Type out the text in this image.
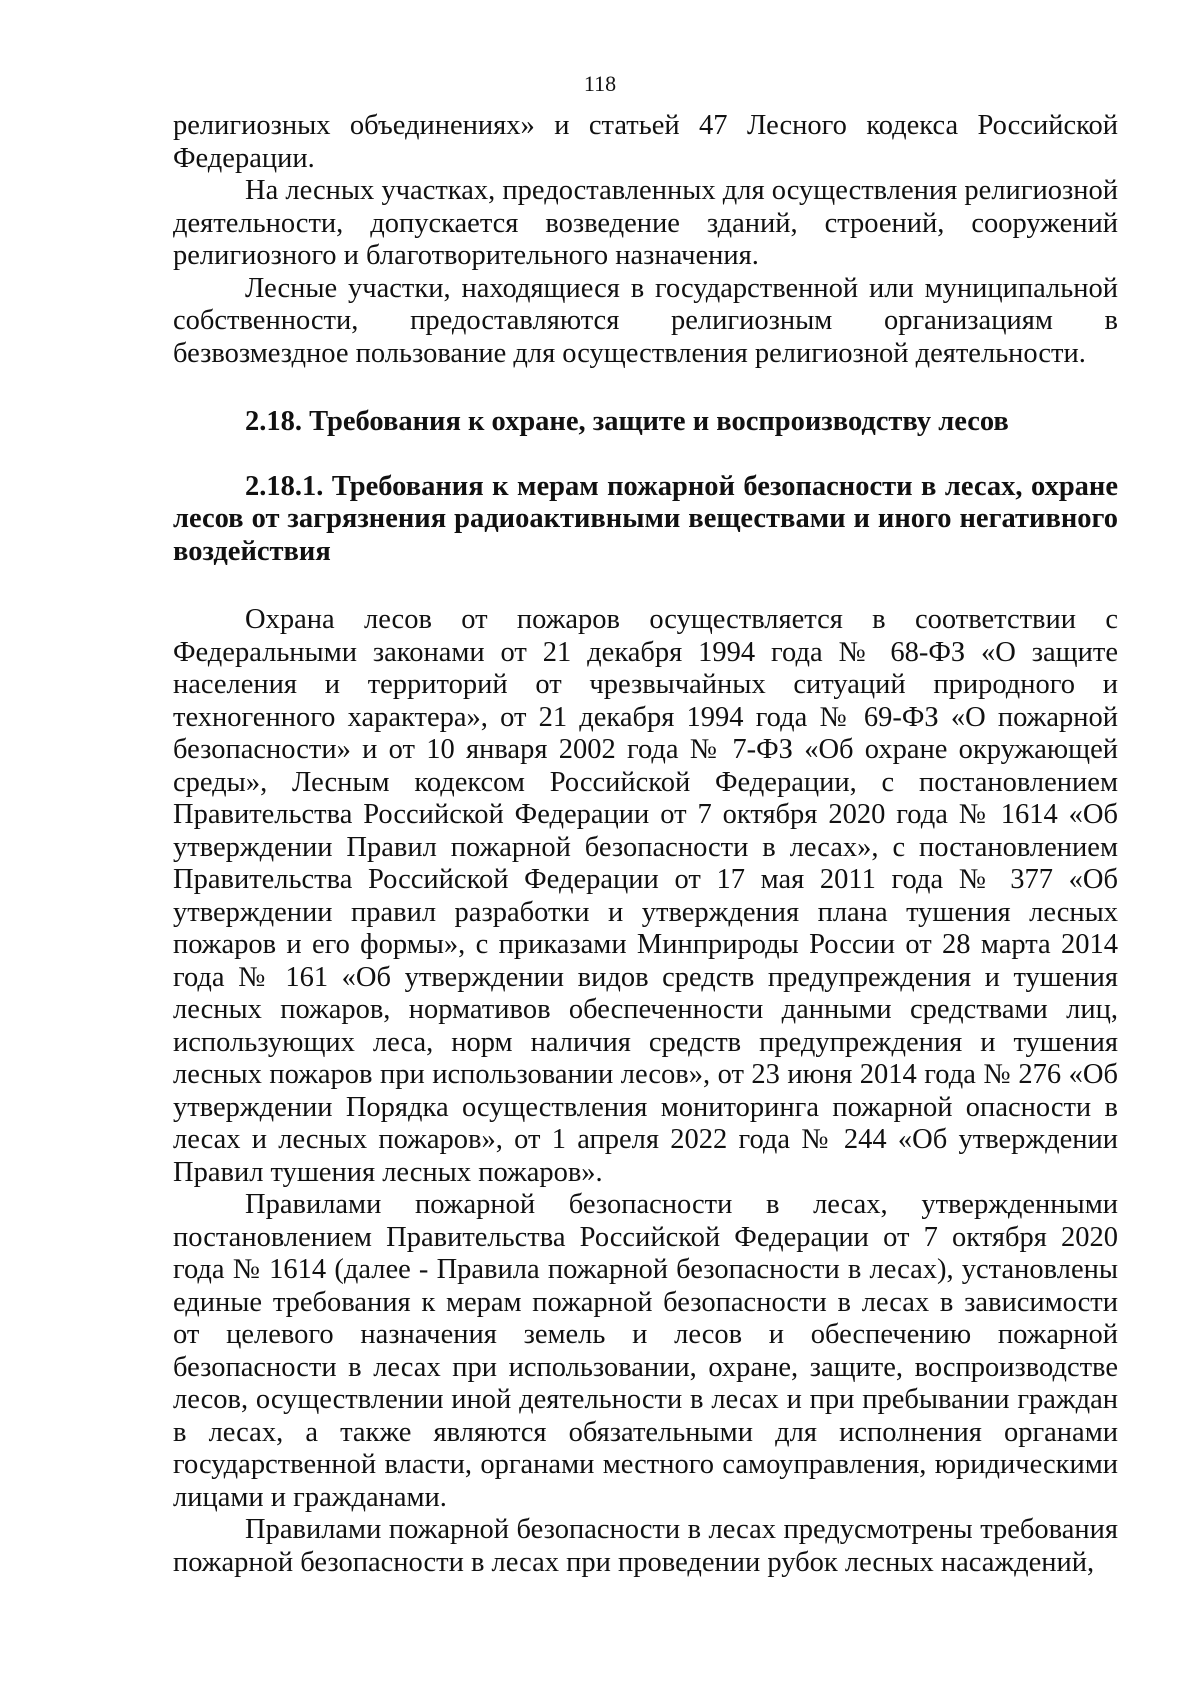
118

религиозных объединениях» и статьей 47 Лесного кодекса Российской Федерации.

На лесных участках, предоставленных для осуществления религиозной деятельности, допускается возведение зданий, строений, сооружений религиозного и благотворительного назначения.

Лесные участки, находящиеся в государственной или муниципальной собственности, предоставляются религиозным организациям в безвозмездное пользование для осуществления религиозной деятельности.

2.18. Требования к охране, защите и воспроизводству лесов

2.18.1. Требования к мерам пожарной безопасности в лесах, охране лесов от загрязнения радиоактивными веществами и иного негативного воздействия

Охрана лесов от пожаров осуществляется в соответствии с Федеральными законами от 21 декабря 1994 года № 68-ФЗ «О защите населения и территорий от чрезвычайных ситуаций природного и техногенного характера», от 21 декабря 1994 года № 69-ФЗ «О пожарной безопасности» и от 10 января 2002 года № 7-ФЗ «Об охране окружающей среды», Лесным кодексом Российской Федерации, с постановлением Правительства Российской Федерации от 7 октября 2020 года № 1614 «Об утверждении Правил пожарной безопасности в лесах», с постановлением Правительства Российской Федерации от 17 мая 2011 года № 377 «Об утверждении правил разработки и утверждения плана тушения лесных пожаров и его формы», с приказами Минприроды России от 28 марта 2014 года № 161 «Об утверждении видов средств предупреждения и тушения лесных пожаров, нормативов обеспеченности данными средствами лиц, использующих леса, норм наличия средств предупреждения и тушения лесных пожаров при использовании лесов», от 23 июня 2014 года № 276 «Об утверждении Порядка осуществления мониторинга пожарной опасности в лесах и лесных пожаров», от 1 апреля 2022 года № 244 «Об утверждении Правил тушения лесных пожаров».

Правилами пожарной безопасности в лесах, утвержденными постановлением Правительства Российской Федерации от 7 октября 2020 года № 1614 (далее - Правила пожарной безопасности в лесах), установлены единые требования к мерам пожарной безопасности в лесах в зависимости от целевого назначения земель и лесов и обеспечению пожарной безопасности в лесах при использовании, охране, защите, воспроизводстве лесов, осуществлении иной деятельности в лесах и при пребывании граждан в лесах, а также являются обязательными для исполнения органами государственной власти, органами местного самоуправления, юридическими лицами и гражданами.

Правилами пожарной безопасности в лесах предусмотрены требования пожарной безопасности в лесах при проведении рубок лесных насаждений,
